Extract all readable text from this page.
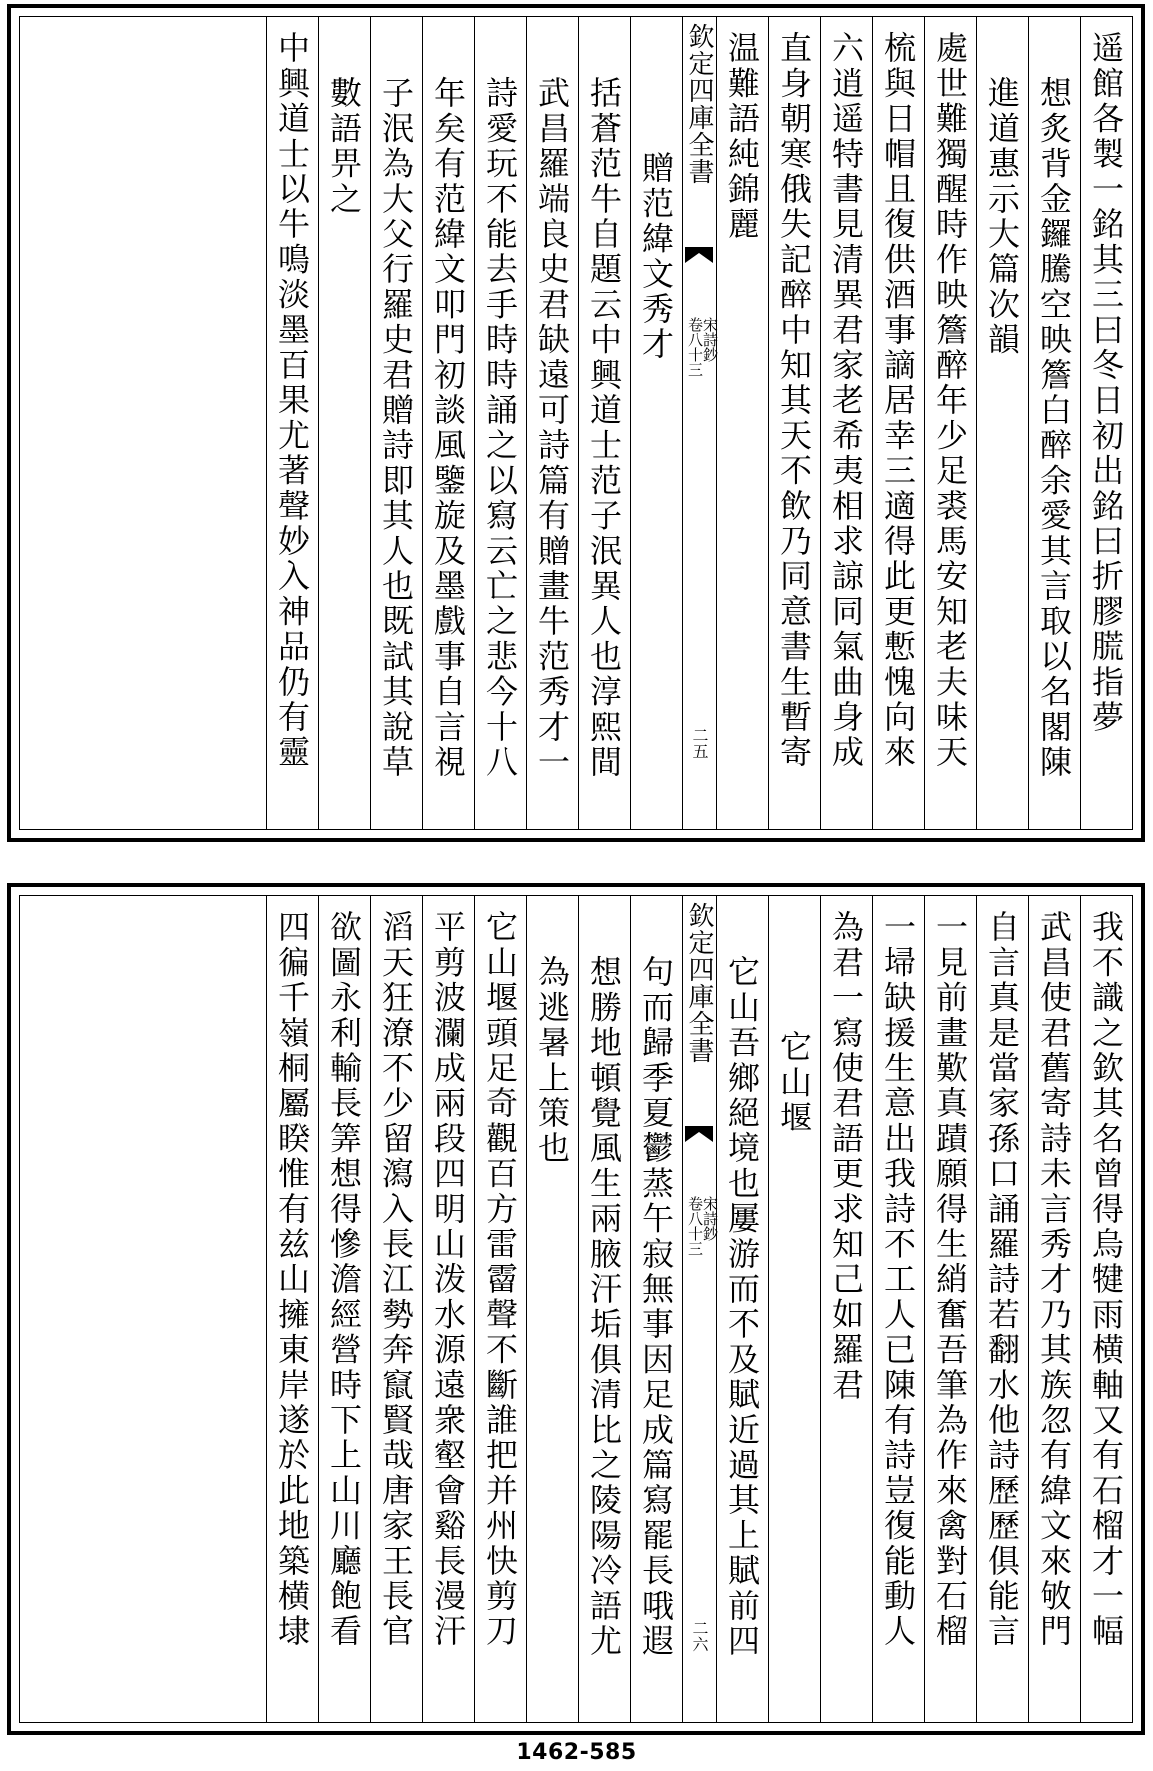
遥館各製一銘其三曰冬日初出銘曰折膠㬻指夢
想炙背金鑼騰空映簷白醉余愛其言取以名閣陳
進道惠示大篇次韻
處世難獨醒時作映簷醉年少足裘馬安知老夫味天
梳與日帽且復供酒事謫居幸三適得此更慙愧向來
六逍遥特書見清異君家老希夷相求諒同氣曲身成
直身朝寒俄失記醉中知其天不飲乃同意書生暫寄
温難語純錦麗
欽定四庫全書
宋詩鈔
卷八十三
二五
贈范緯文秀才
括蒼范牛自題云中興道士范子泯異人也淳熙間
武昌羅端良史君缺遠可詩篇有贈畫牛范秀才一
詩愛玩不能去手時時誦之以寫云亡之悲今十八
年矣有范緯文叩門初談風鑒旋及墨戲事自言視
子泯為大父行羅史君贈詩即其人也既試其說草
數語畀之
中興道士以牛鳴淡墨百果尤著聲妙入神品仍有靈
我不識之欽其名曾得烏犍雨横軸又有石榴才一幅
武昌使君舊寄詩未言秀才乃其族忽有緯文來敂門
自言真是當家孫口誦羅詩若翻水他詩歷歷俱能言
一見前畫歎真蹟願得生綃奮吾筆為作來禽對石榴
一埽缺援生意出我詩不工人已陳有詩豈復能動人
為君一寫使君語更求知己如羅君
它山堰
它山吾鄉絕境也屢游而不及賦近過其上賦前四
欽定四庫全書
宋詩鈔
卷八十三
二六
句而歸季夏鬱蒸午寂無事因足成篇寫罷長哦遐
想勝地頓覺風生兩腋汗垢俱清比之陵陽冷語尤
為逃暑上策也
它山堰頭足奇觀百方雷霤聲不斷誰把并州快剪刀
平剪波瀾成兩段四明山泼水源遠衆壑會谿長漫汗
滔天狂潦不少留瀉入長江勢奔竄賢哉唐家王長官
欲圖永利輸長筭想得慘澹經營時下上山川廳飽看
四徧千嶺桐屬睽惟有兹山擁東岸遂於此地築横埭
1462-585
